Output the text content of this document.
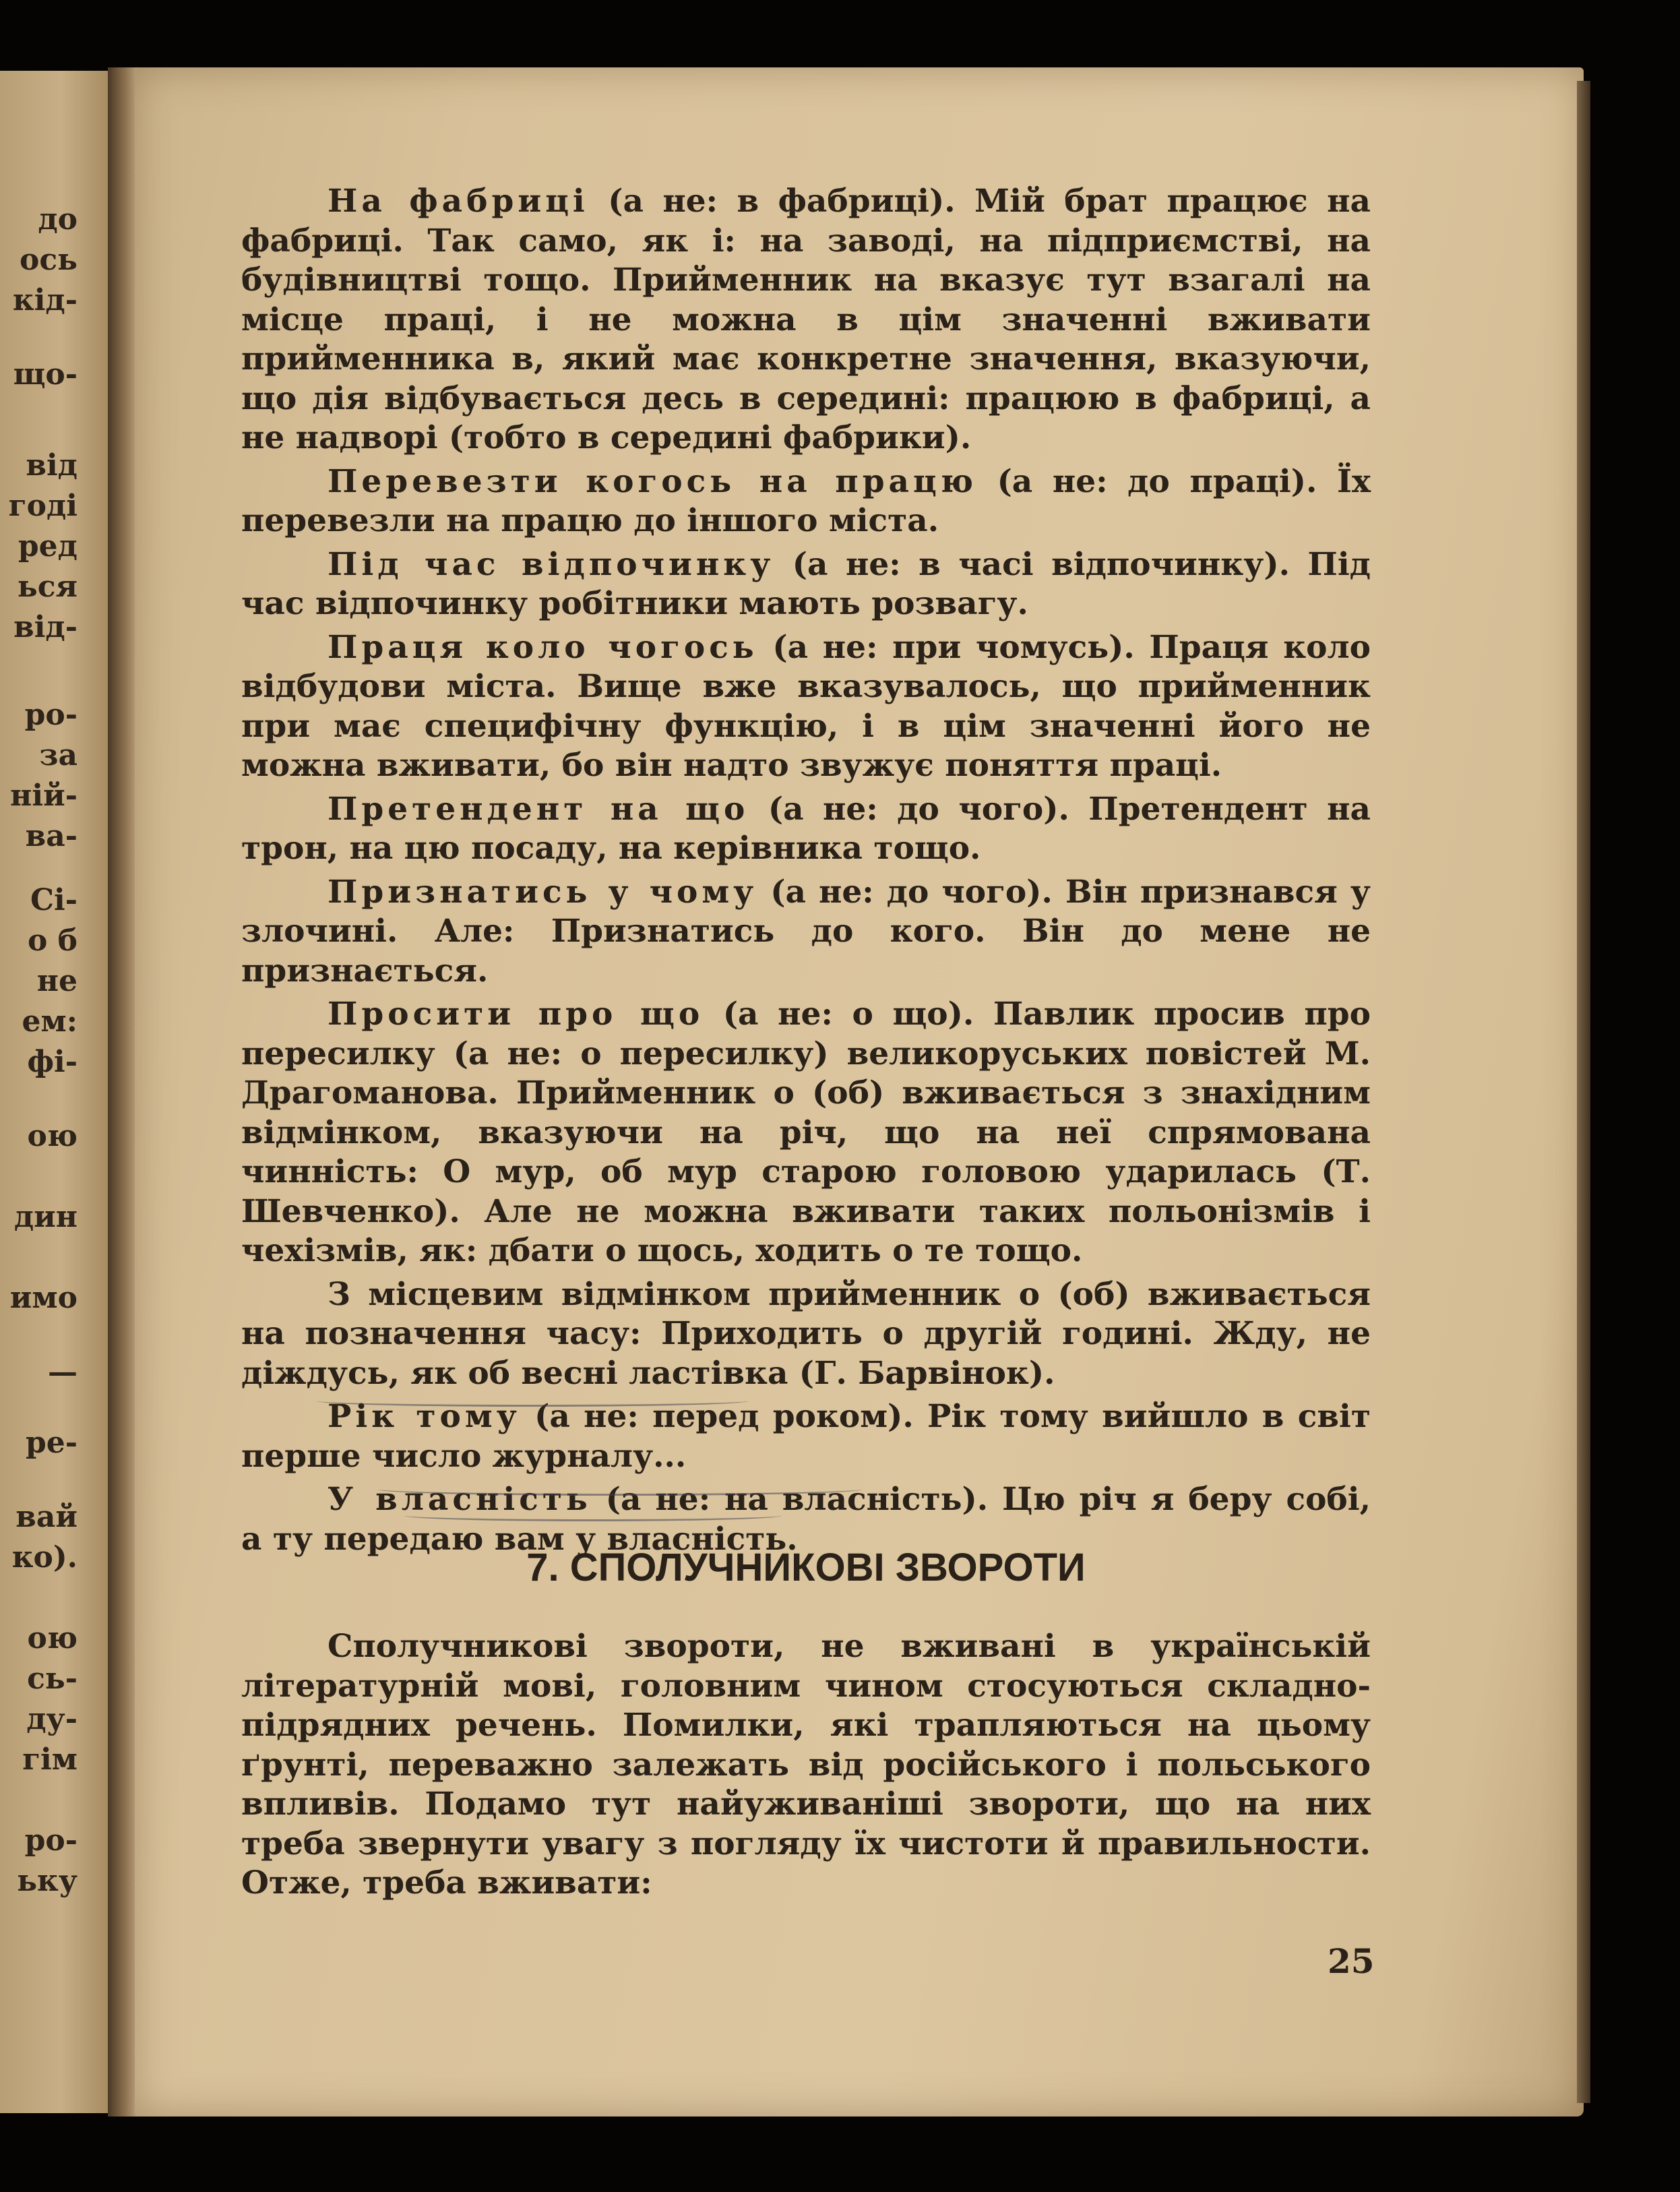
до
ось
кід-
що-
від
годі
ред
ься
від-
ро-
за
ній-
ва-
Сі-
о б
не
ем:
фі-
ою
дин
имо
—
ре-
вай
ко).
ою
сь-
ду-
гім
ро-
ьку

На фабриці (а не: в фабриці). Мій брат працює на фабриці. Так само, як і: на заводі, на підприємстві, на будівництві тощо. Прийменник на вказує тут взагалі на місце праці, і не можна в цім значенні вживати прийменника в, який має конкретне значення, вказуючи, що дія відбувається десь в середині: працюю в фабриці, а не надворі (тобто в середині фабрики).

Перевезти когось на працю (а не: до праці). Їх перевезли на працю до іншого міста.

Під час відпочинку (а не: в часі відпочинку). Під час відпочинку робітники мають розвагу.

Праця коло чогось (а не: при чомусь). Праця коло відбудови міста. Вище вже вказувалось, що прийменник при має специфічну функцію, і в цім значенні його не можна вживати, бо він надто звужує поняття праці.

Претендент на що (а не: до чого). Претендент на трон, на цю посаду, на керівника тощо.

Признатись у чому (а не: до чого). Він признався у злочині. Але: Признатись до кого. Він до мене не признається.

Просити про що (а не: о що). Павлик просив про пересилку (а не: о пересилку) великоруських повістей М. Драгоманова. Прийменник о (об) вживається з знахідним відмінком, вказуючи на річ, що на неї спрямована чинність: О мур, об мур старою головою ударилась (Т. Шевченко). Але не можна вживати таких польонізмів і чехізмів, як: дбати о щось, ходить о те тощо.

З місцевим відмінком прийменник о (об) вживається на позначення часу: Приходить о другій годині. Жду, не діждусь, як об весні ластівка (Г. Барвінок).

Рік тому (а не: перед роком). Рік тому вийшло в світ перше число журналу...

У власність (а не: на власність). Цю річ я беру собі, а ту передаю вам у власність.

7. СПОЛУЧНИКОВІ ЗВОРОТИ

Сполучникові звороти, не вживані в українській літературній мові, головним чином стосуються складно-підрядних речень. Помилки, які трапляються на цьому ґрунті, переважно залежать від російського і польського впливів. Подамо тут найуживаніші звороти, що на них треба звернути увагу з погляду їх чистоти й правильности. Отже, треба вживати:

25
